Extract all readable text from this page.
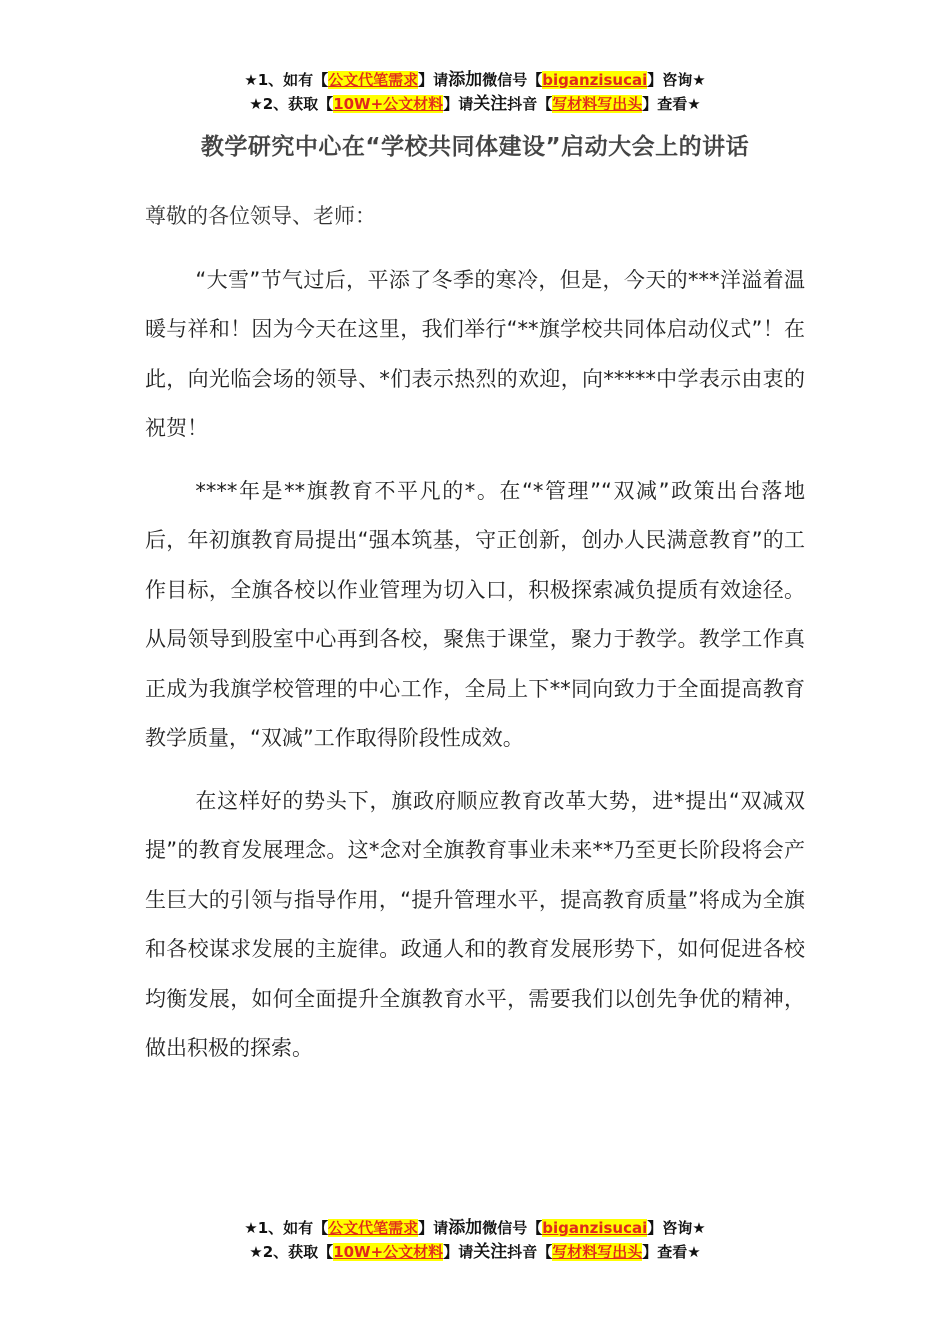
★1、如有【公文代笔需求】请添加微信号【biganzisucai】咨询★
★2、获取【10W+公文材料】请关注抖音【写材料写出头】查看★
教学研究中心在“学校共同体建设”启动大会上的讲话

尊敬的各位领导、老师：

“大雪”节气过后，平添了冬季的寒冷，但是，今天的***洋溢着温暖与祥和！因为今天在这里，我们举行“**旗学校共同体启动仪式”！在此，向光临会场的领导、*们表示热烈的欢迎，向*****中学表示由衷的祝贺！

****年是**旗教育不平凡的*。在“*管理”“双减”政策出台落地后，年初旗教育局提出“强本筑基，守正创新，创办人民满意教育”的工作目标，全旗各校以作业管理为切入口，积极探索减负提质有效途径。从局领导到股室中心再到各校，聚焦于课堂，聚力于教学。教学工作真正成为我旗学校管理的中心工作，全局上下**同向致力于全面提高教育教学质量，“双减”工作取得阶段性成效。

在这样好的势头下，旗政府顺应教育改革大势，进*提出“双减双提”的教育发展理念。这*念对全旗教育事业未来**乃至更长阶段将会产生巨大的引领与指导作用，“提升管理水平，提高教育质量”将成为全旗和各校谋求发展的主旋律。政通人和的教育发展形势下，如何促进各校均衡发展，如何全面提升全旗教育水平，需要我们以创先争优的精神，做出积极的探索。

★1、如有【公文代笔需求】请添加微信号【biganzisucai】咨询★
★2、获取【10W+公文材料】请关注抖音【写材料写出头】查看★
